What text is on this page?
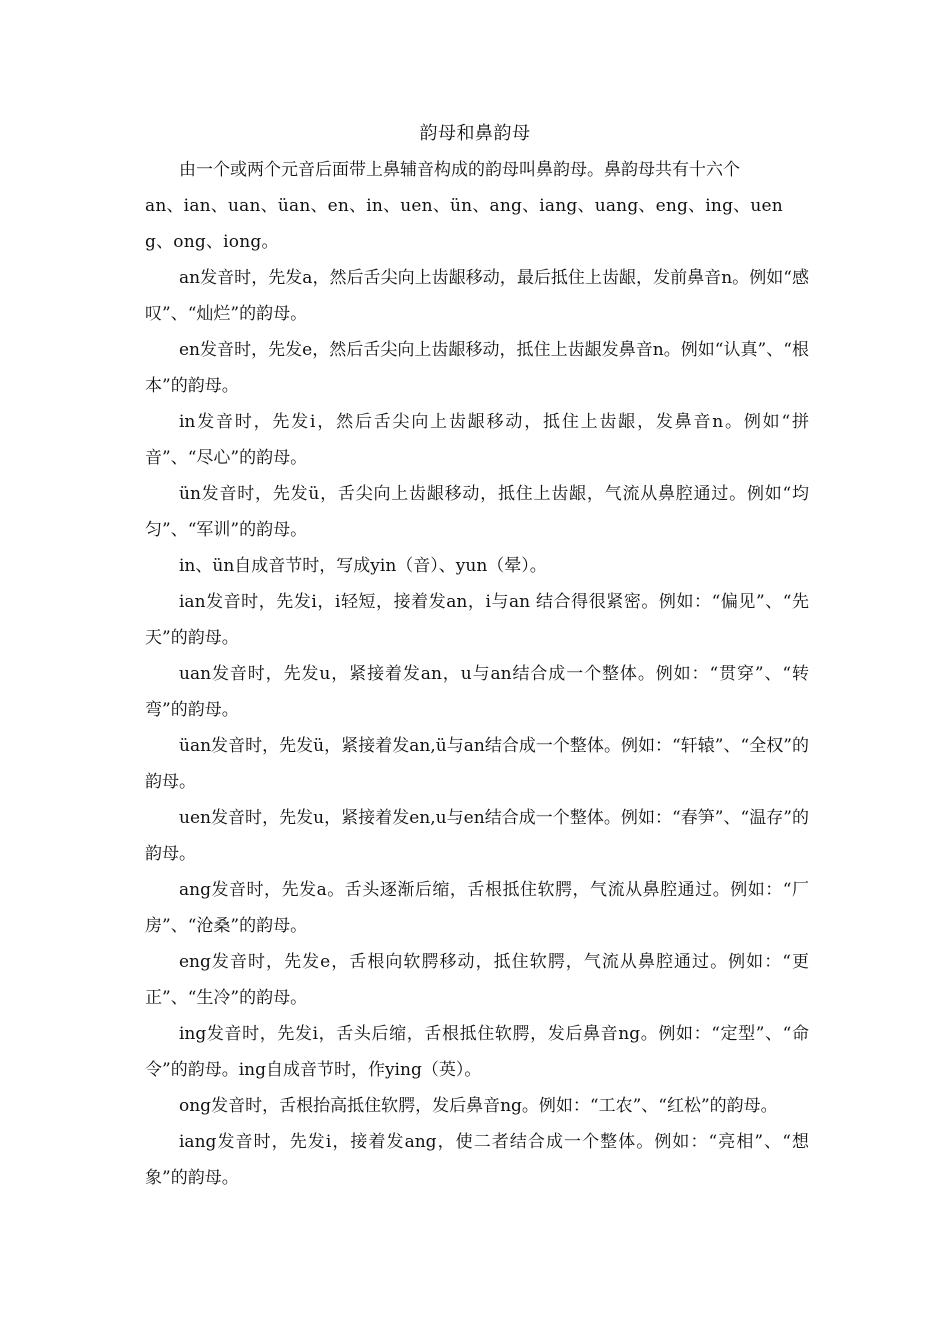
韵母和鼻韵母

由一个或两个元音后面带上鼻辅音构成的韵母叫鼻韵母。鼻韵母共有十六个

an、ian、uan、üan、en、in、uen、ün、ang、iang、uang、eng、ing、ueng、ong、iong。

an发音时，先发a，然后舌尖向上齿龈移动，最后抵住上齿龈，发前鼻音n。例如“感叹”、“灿烂”的韵母。

en发音时，先发e，然后舌尖向上齿龈移动，抵住上齿龈发鼻音n。例如“认真”、“根本”的韵母。

in发音时，先发i，然后舌尖向上齿龈移动，抵住上齿龈，发鼻音n。例如“拼音”、“尽心”的韵母。

ün发音时，先发ü，舌尖向上齿龈移动，抵住上齿龈，气流从鼻腔通过。例如“均匀”、“军训”的韵母。

in、ün自成音节时，写成yin（音）、yun（晕）。

ian发音时，先发i，i轻短，接着发an，i与an 结合得很紧密。例如：“偏见”、“先天”的韵母。

uan发音时，先发u，紧接着发an，u与an结合成一个整体。例如：“贯穿”、“转弯”的韵母。

üan发音时，先发ü，紧接着发an,ü与an结合成一个整体。例如：“轩辕”、“全权”的韵母。

uen发音时，先发u，紧接着发en,u与en结合成一个整体。例如：“春笋”、“温存”的韵母。

ang发音时，先发a。舌头逐渐后缩，舌根抵住软腭，气流从鼻腔通过。例如：“厂房”、“沧桑”的韵母。

eng发音时，先发e，舌根向软腭移动，抵住软腭，气流从鼻腔通过。例如：“更正”、“生冷”的韵母。

ing发音时，先发i，舌头后缩，舌根抵住软腭，发后鼻音ng。例如：“定型”、“命令”的韵母。ing自成音节时，作ying（英）。

ong发音时，舌根抬高抵住软腭，发后鼻音ng。例如：“工农”、“红松”的韵母。

iang发音时，先发i，接着发ang，使二者结合成一个整体。例如：“亮相”、“想象”的韵母。
